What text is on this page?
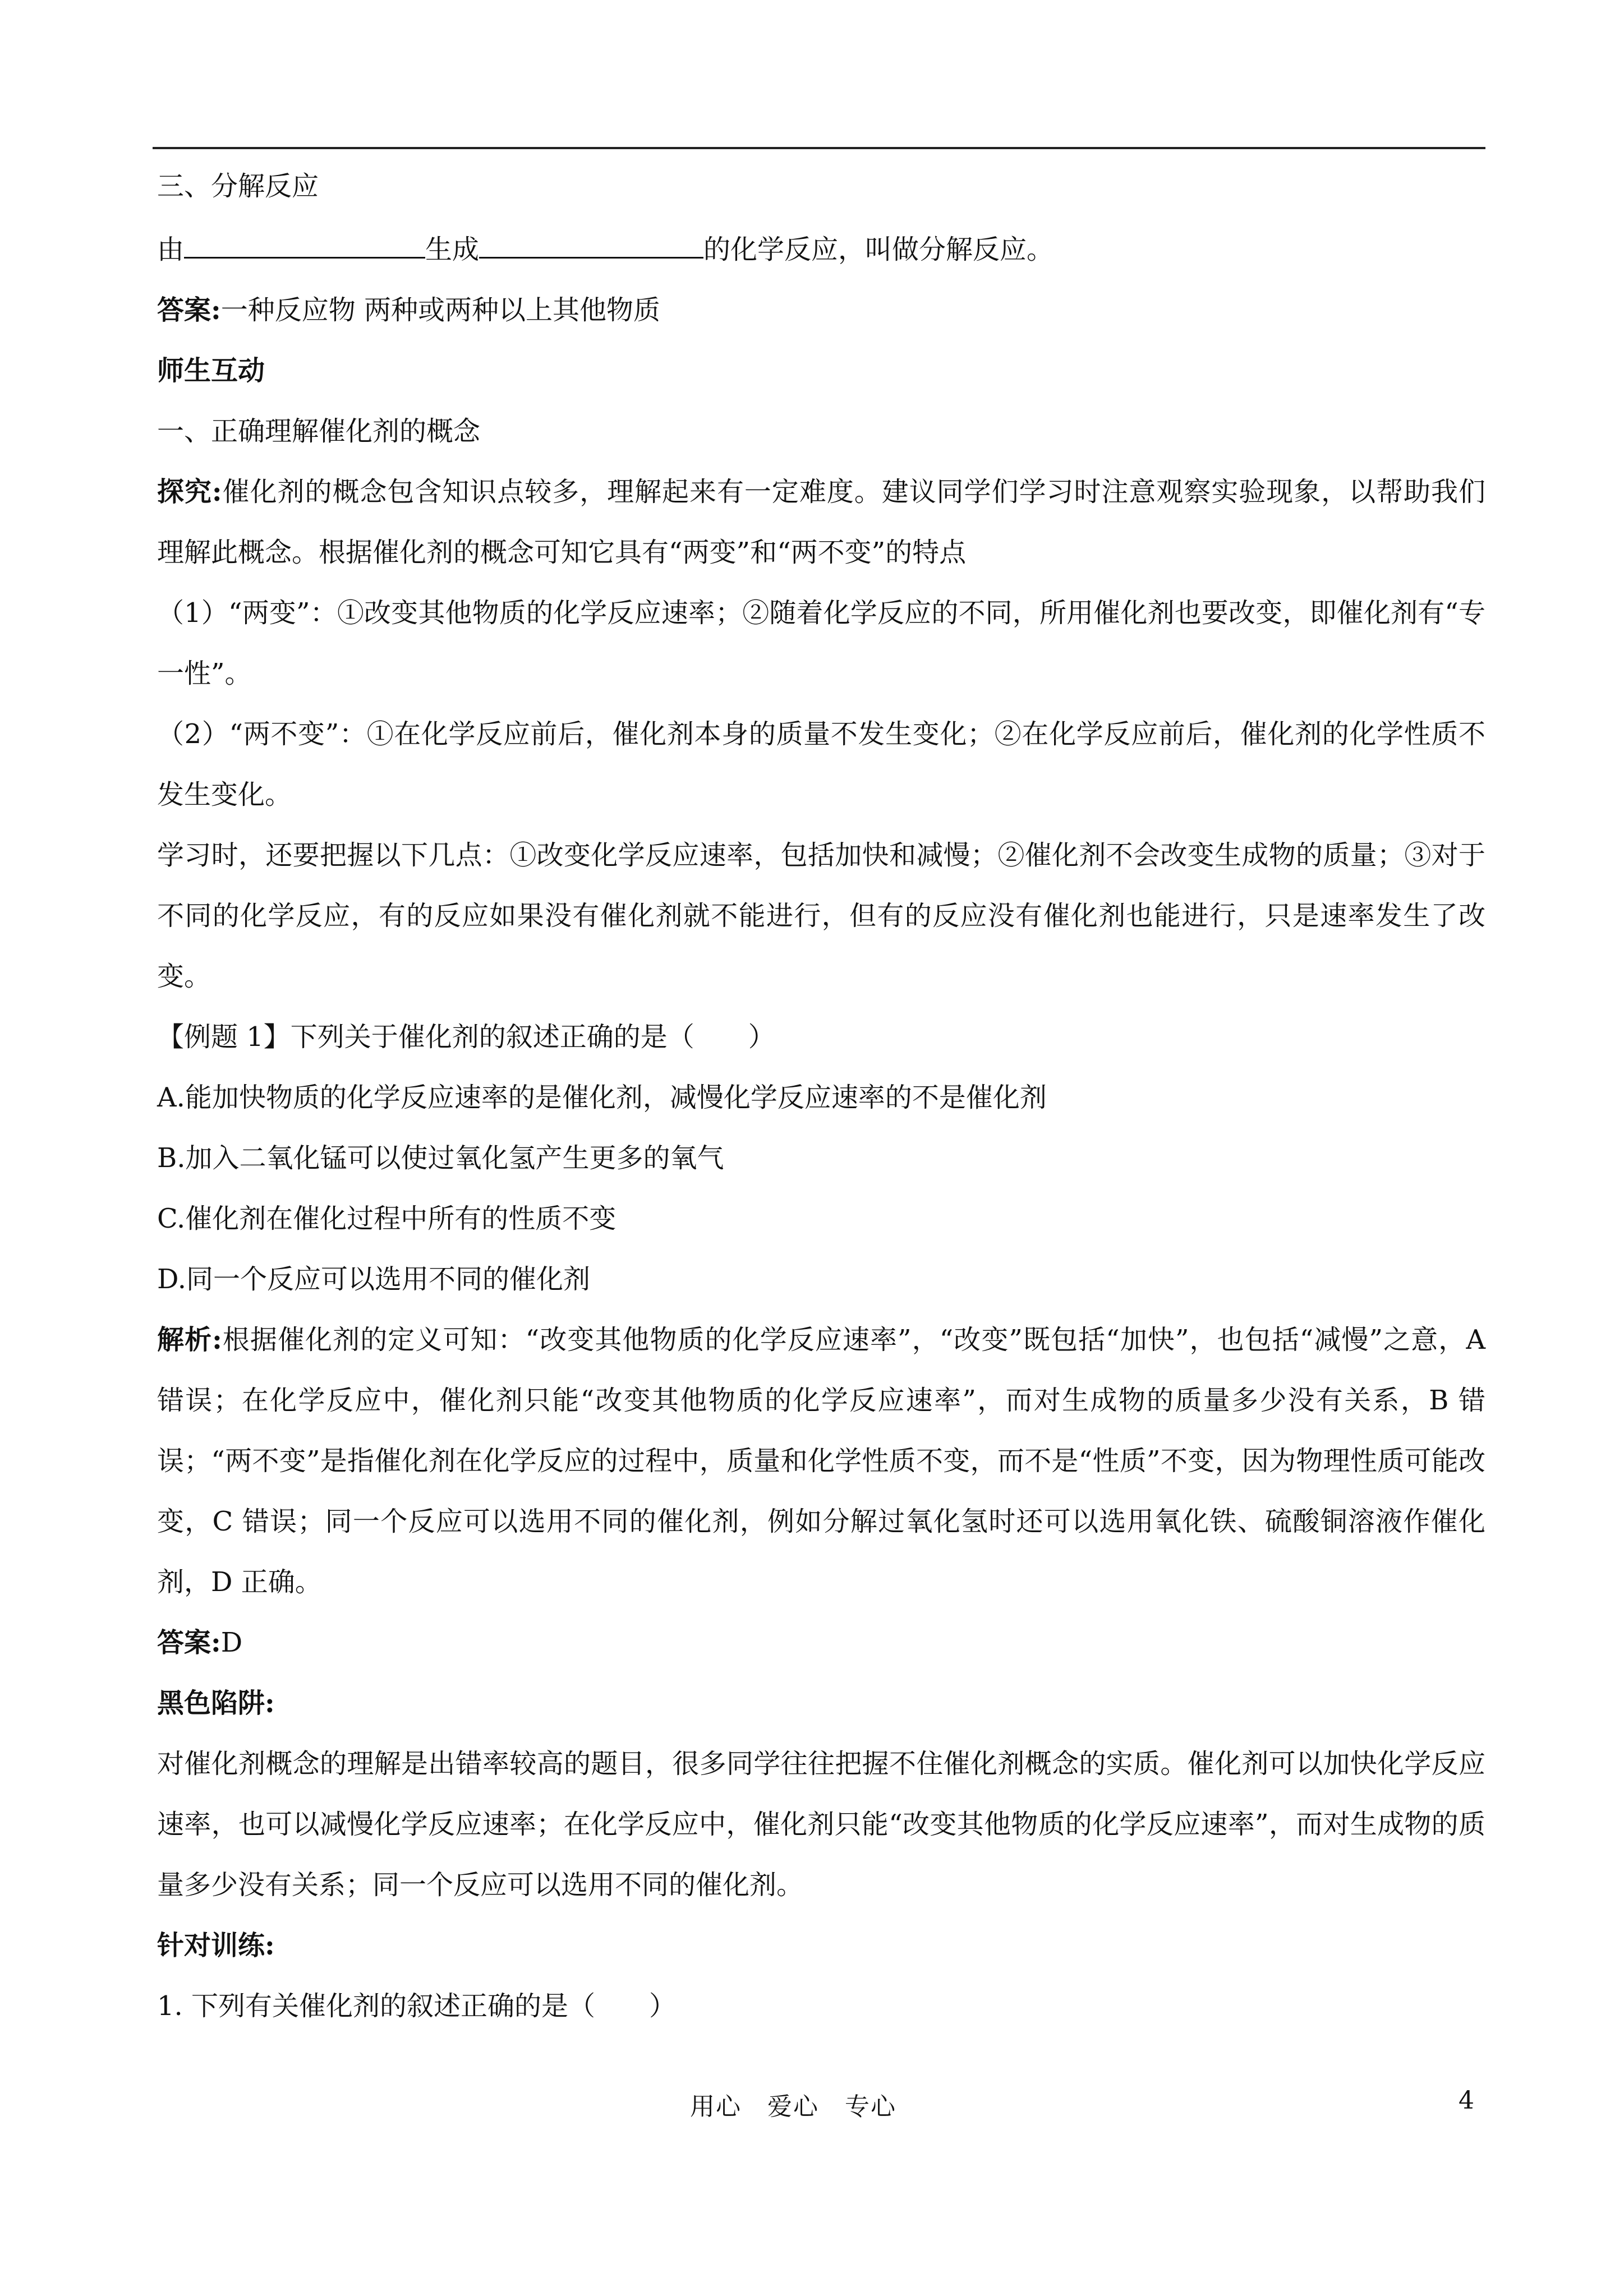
三、分解反应
由	生成	的化学反应，叫做分解反应。
答案:一种反应物 两种或两种以上其他物质
师生互动
一、正确理解催化剂的概念
探究:催化剂的概念包含知识点较多，理解起来有一定难度。建议同学们学习时注意观察实验现象，以帮助我们理解此概念。根据催化剂的概念可知它具有“两变”和“两不变”的特点
（1）“两变”：①改变其他物质的化学反应速率；②随着化学反应的不同，所用催化剂也要改变，即催化剂有“专一性”。
（2）“两不变”：①在化学反应前后，催化剂本身的质量不发生变化；②在化学反应前后，催化剂的化学性质不发生变化。
学习时，还要把握以下几点：①改变化学反应速率，包括加快和减慢；②催化剂不会改变生成物的质量；③对于不同的化学反应，有的反应如果没有催化剂就不能进行，但有的反应没有催化剂也能进行，只是速率发生了改变。
【例题 1】下列关于催化剂的叙述正确的是（　　）
A.能加快物质的化学反应速率的是催化剂，减慢化学反应速率的不是催化剂
B.加入二氧化锰可以使过氧化氢产生更多的氧气
C.催化剂在催化过程中所有的性质不变
D.同一个反应可以选用不同的催化剂
解析:根据催化剂的定义可知：“改变其他物质的化学反应速率”，“改变”既包括“加快”，也包括“减慢”之意，A 错误；在化学反应中，催化剂只能“改变其他物质的化学反应速率”，而对生成物的质量多少没有关系，B 错误；“两不变”是指催化剂在化学反应的过程中，质量和化学性质不变，而不是“性质”不变，因为物理性质可能改变，C 错误；同一个反应可以选用不同的催化剂，例如分解过氧化氢时还可以选用氧化铁、硫酸铜溶液作催化剂，D 正确。
答案:D
黑色陷阱:
对催化剂概念的理解是出错率较高的题目，很多同学往往把握不住催化剂概念的实质。催化剂可以加快化学反应速率，也可以减慢化学反应速率；在化学反应中，催化剂只能“改变其他物质的化学反应速率”，而对生成物的质量多少没有关系；同一个反应可以选用不同的催化剂。
针对训练:
1. 下列有关催化剂的叙述正确的是（　　）
用心　爱心　专心	4
